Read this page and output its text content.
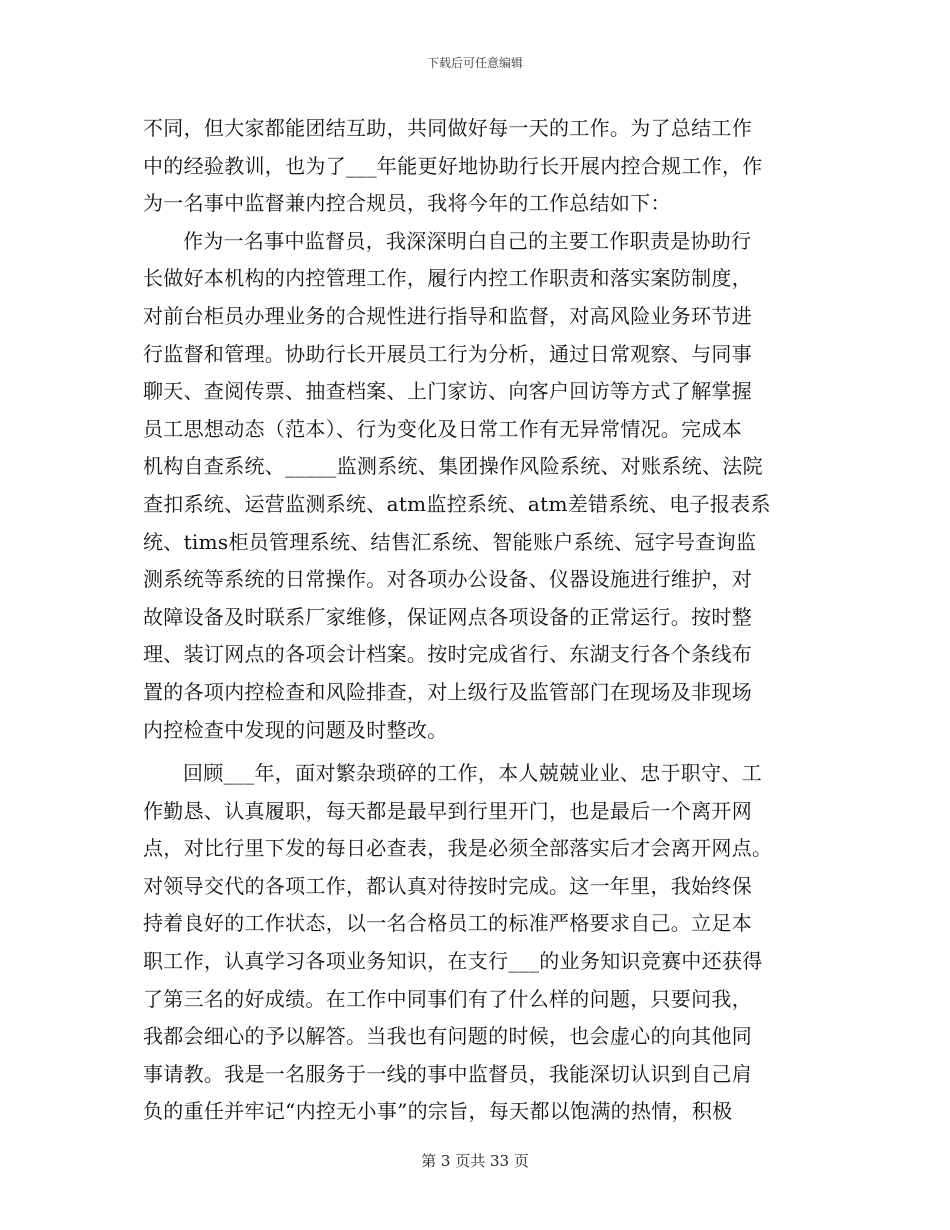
下载后可任意编辑
不同，但大家都能团结互助，共同做好每一天的工作。为了总结工作
中的经验教训，也为了___年能更好地协助行长开展内控合规工作，作
为一名事中监督兼内控合规员，我将今年的工作总结如下：
作为一名事中监督员，我深深明白自己的主要工作职责是协助行
长做好本机构的内控管理工作，履行内控工作职责和落实案防制度，
对前台柜员办理业务的合规性进行指导和监督，对高风险业务环节进
行监督和管理。协助行长开展员工行为分析，通过日常观察、与同事
聊天、查阅传票、抽查档案、上门家访、向客户回访等方式了解掌握
员工思想动态（范本）、行为变化及日常工作有无异常情况。完成本
机构自查系统、_____监测系统、集团操作风险系统、对账系统、法院
查扣系统、运营监测系统、atm监控系统、atm差错系统、电子报表系
统、tims柜员管理系统、结售汇系统、智能账户系统、冠字号查询监
测系统等系统的日常操作。对各项办公设备、仪器设施进行维护，对
故障设备及时联系厂家维修，保证网点各项设备的正常运行。按时整
理、装订网点的各项会计档案。按时完成省行、东湖支行各个条线布
置的各项内控检查和风险排查，对上级行及监管部门在现场及非现场
内控检查中发现的问题及时整改。
回顾___年，面对繁杂琐碎的工作，本人兢兢业业、忠于职守、工
作勤恳、认真履职，每天都是最早到行里开门，也是最后一个离开网
点，对比行里下发的每日必查表，我是必须全部落实后才会离开网点。
对领导交代的各项工作，都认真对待按时完成。这一年里，我始终保
持着良好的工作状态，以一名合格员工的标准严格要求自己。立足本
职工作，认真学习各项业务知识，在支行___的业务知识竞赛中还获得
了第三名的好成绩。在工作中同事们有了什么样的问题，只要问我，
我都会细心的予以解答。当我也有问题的时候，也会虚心的向其他同
事请教。我是一名服务于一线的事中监督员，我能深切认识到自己肩
负的重任并牢记“内控无小事”的宗旨，每天都以饱满的热情，积极
第 3 页共 33 页
